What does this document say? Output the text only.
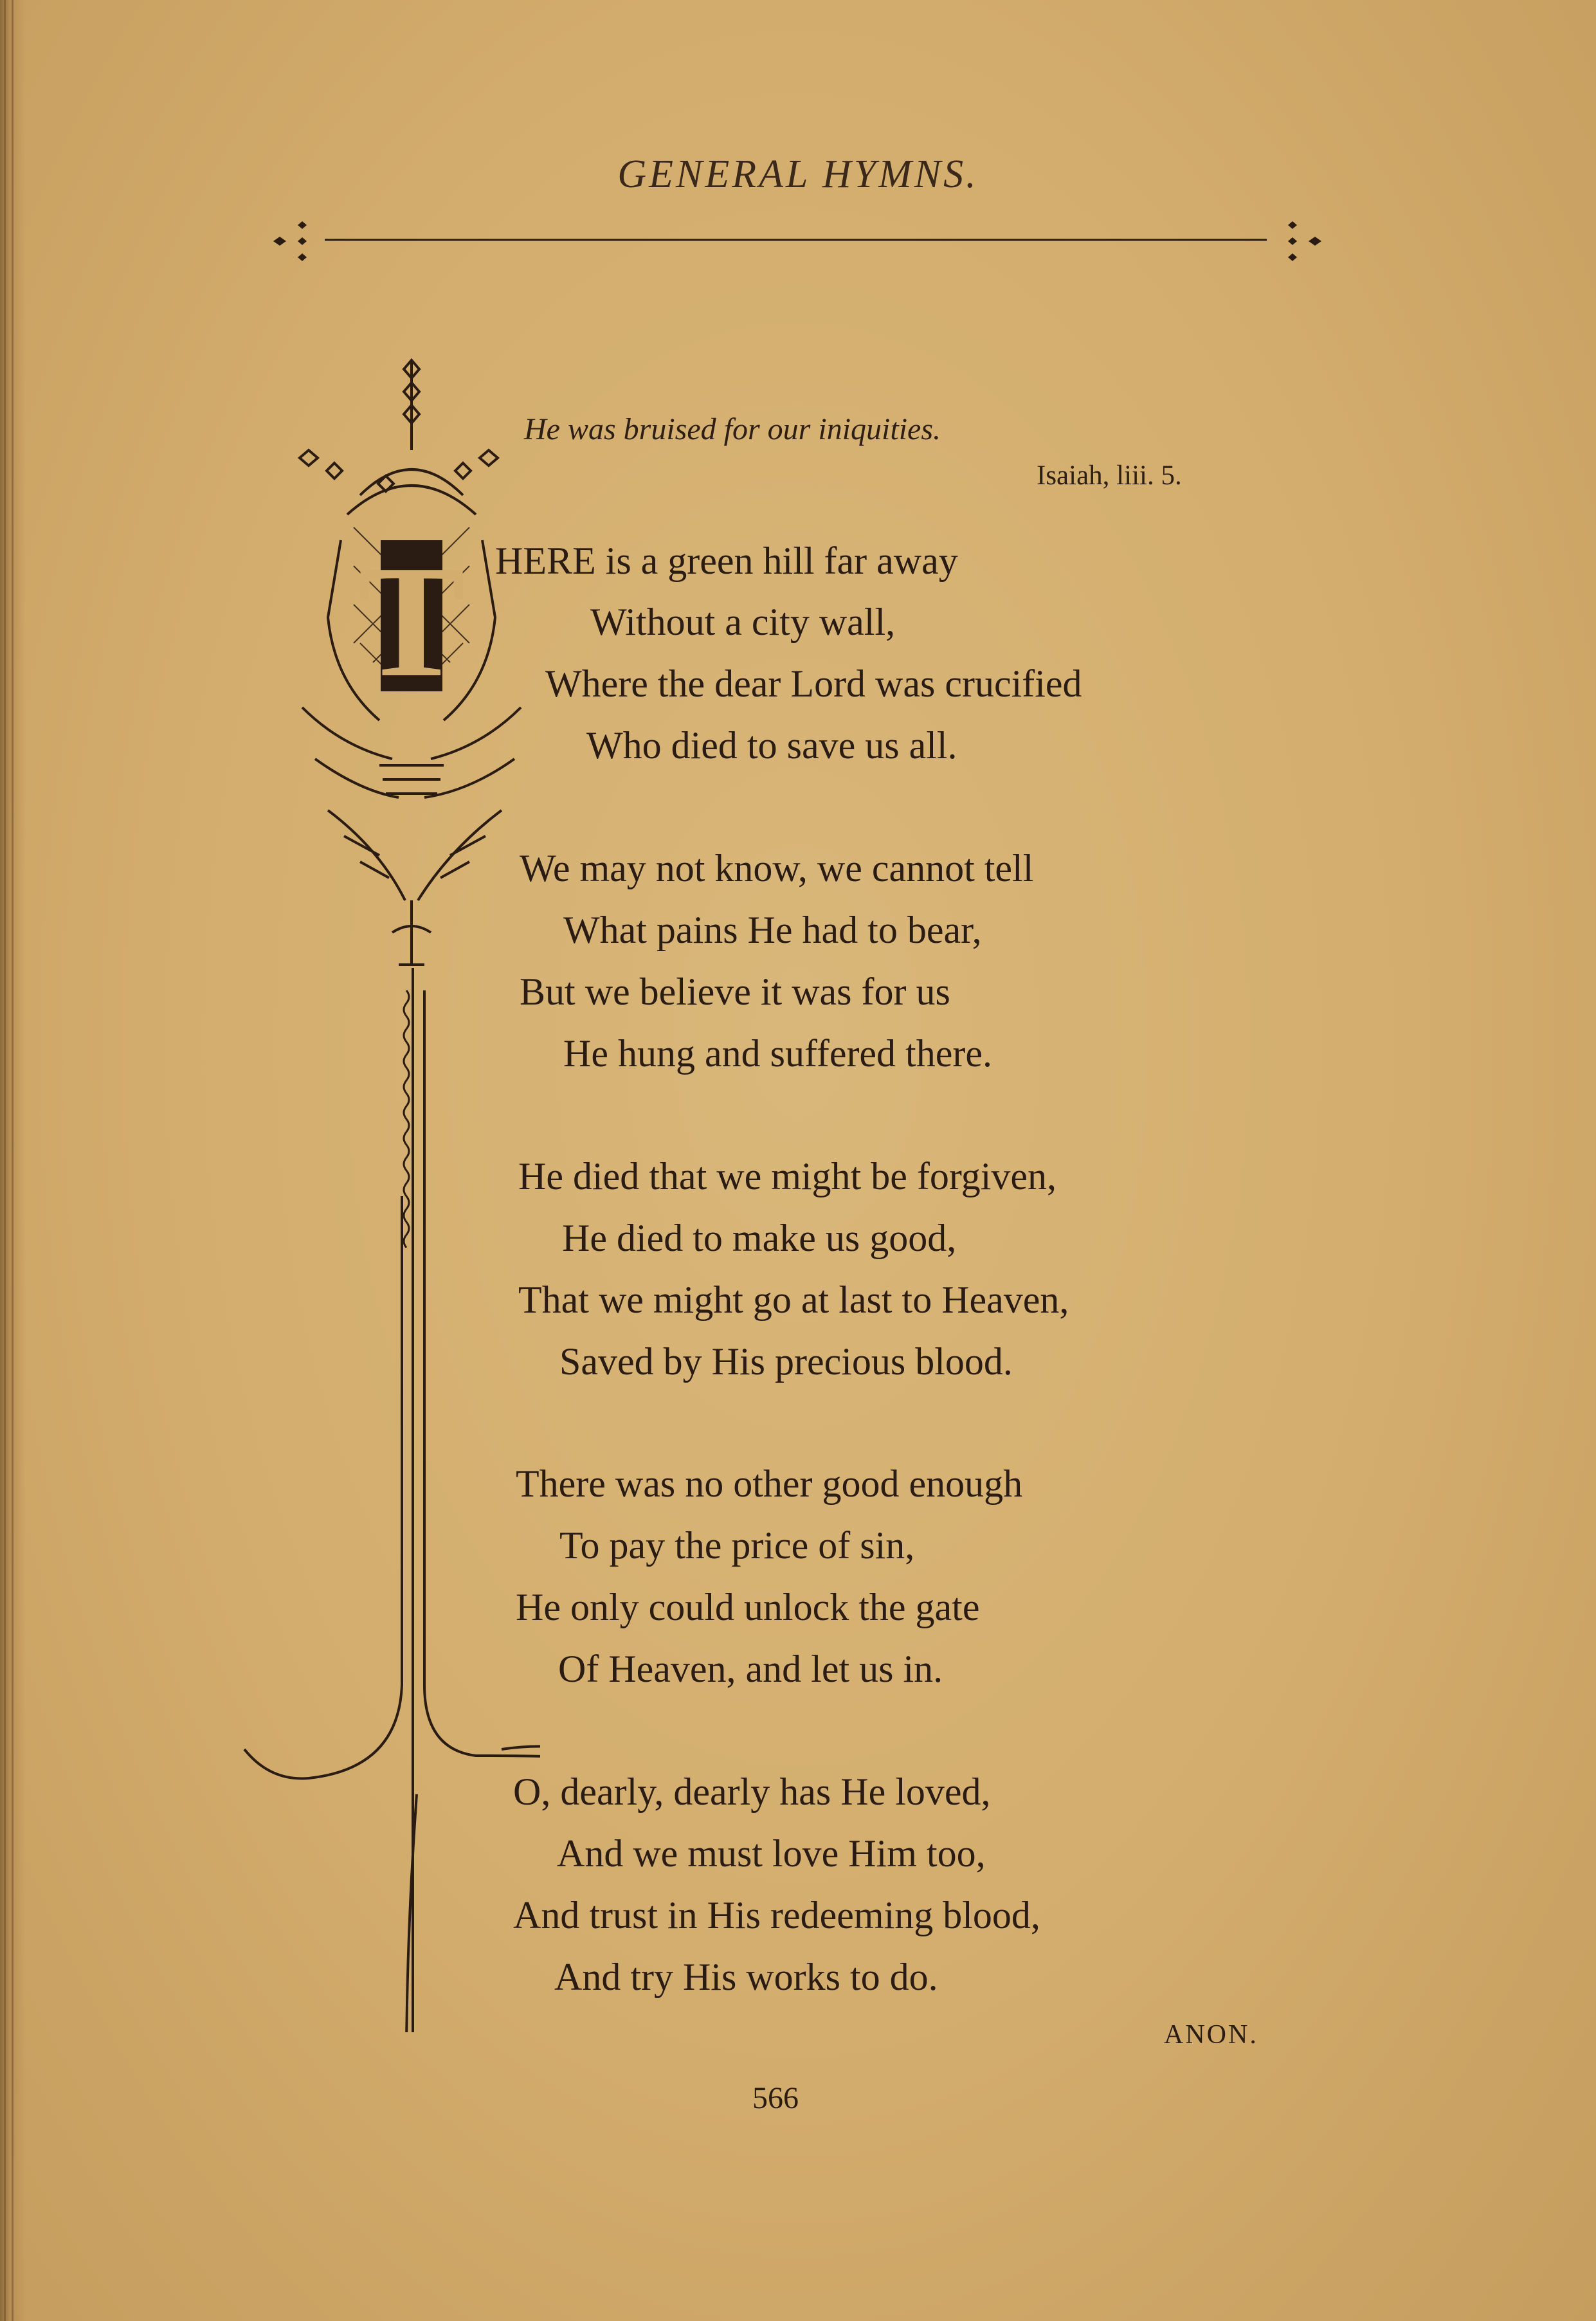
GENERAL HYMNS.
He was bruised for our iniquities.
Isaiah, liii. 5.
T HERE is a green hill far away
Without a city wall,
Where the dear Lord was crucified
Who died to save us all.
We may not know, we cannot tell
What pains He had to bear,
But we believe it was for us
He hung and suffered there.
He died that we might be forgiven,
He died to make us good,
That we might go at last to Heaven,
Saved by His precious blood.
There was no other good enough
To pay the price of sin,
He only could unlock the gate
Of Heaven, and let us in.
O, dearly, dearly has He loved,
And we must love Him too,
And trust in His redeeming blood,
And try His works to do.
ANON.
566
